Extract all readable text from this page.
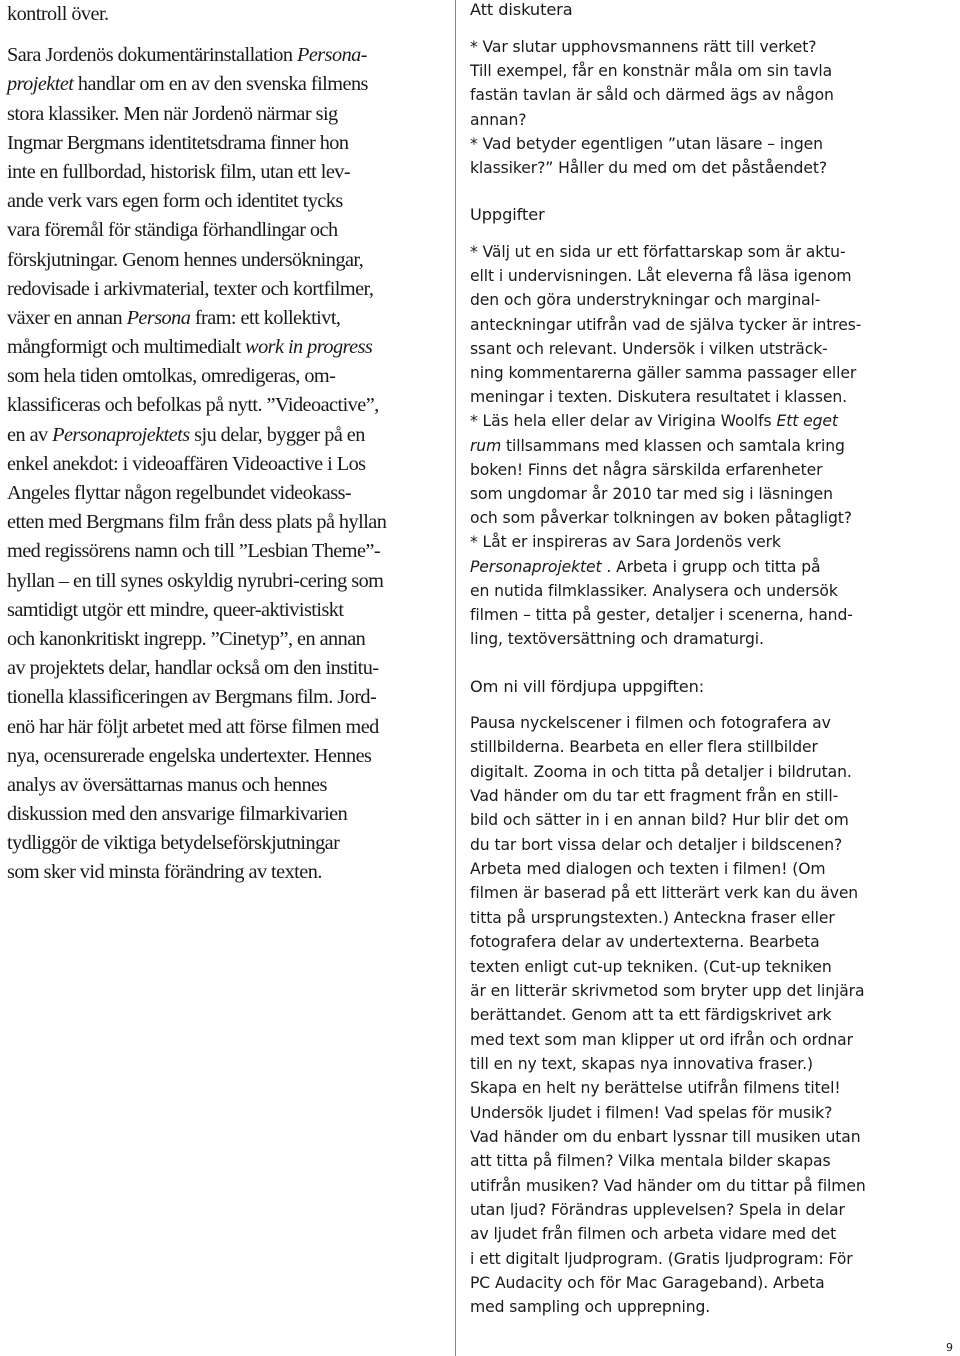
kontroll över.
Sara Jordenös dokumentärinstallation Persona-
projektet handlar om en av den svenska filmens
stora klassiker. Men när Jordenö närmar sig
Ingmar Bergmans identitetsdrama finner hon
inte en fullbordad, historisk film, utan ett lev-
ande verk vars egen form och identitet tycks
vara föremål för ständiga förhandlingar och
förskjutningar. Genom hennes undersökningar,
redovisade i arkivmaterial, texter och kortfilmer,
växer en annan Persona fram: ett kollektivt,
mångformigt och multimedialt work in progress
som hela tiden omtolkas, omredigeras, om-
klassificeras och befolkas på nytt. ”Videoactive”,
en av Personaprojektets sju delar, bygger på en
enkel anekdot: i videoaffären Videoactive i Los
Angeles flyttar någon regelbundet videokass-
etten med Bergmans film från dess plats på hyllan
med regissörens namn och till ”Lesbian Theme”-
hyllan – en till synes oskyldig nyrubri-cering som
samtidigt utgör ett mindre, queer-aktivistiskt
och kanonkritiskt ingrepp. ”Cinetyp”, en annan
av projektets delar, handlar också om den institu-
tionella klassificeringen av Bergmans film. Jord-
enö har här följt arbetet med att förse filmen med
nya, ocensurerade engelska undertexter. Hennes
analys av översättarnas manus och hennes
diskussion med den ansvarige filmarkivarien
tydliggör de viktiga betydelseförskjutningar
som sker vid minsta förändring av texten.
Att diskutera
* Var slutar upphovsmannens rätt till verket?
Till exempel, får en konstnär måla om sin tavla
fastän tavlan är såld och därmed ägs av någon
annan?
* Vad betyder egentligen ”utan läsare – ingen
klassiker?” Håller du med om det påståendet?
Uppgifter
* Välj ut en sida ur ett författarskap som är aktu-
ellt i undervisningen. Låt eleverna få läsa igenom
den och göra understrykningar och marginal-
anteckningar utifrån vad de själva tycker är intres-
ssant och relevant. Undersök i vilken utsträck-
ning kommentarerna gäller samma passager eller
meningar i texten. Diskutera resultatet i klassen.
* Läs hela eller delar av Virigina Woolfs Ett eget
rum tillsammans med klassen och samtala kring
boken! Finns det några särskilda erfarenheter
som ungdomar år 2010 tar med sig i läsningen
och som påverkar tolkningen av boken påtagligt?
* Låt er inspireras av Sara Jordenös verk
Personaprojektet . Arbeta i grupp och titta på
en nutida filmklassiker. Analysera och undersök
filmen – titta på gester, detaljer i scenerna, hand-
ling, textöversättning och dramaturgi.
Om ni vill fördjupa uppgiften:
Pausa nyckelscener i filmen och fotografera av
stillbilderna. Bearbeta en eller flera stillbilder
digitalt. Zooma in och titta på detaljer i bildrutan.
Vad händer om du tar ett fragment från en still-
bild och sätter in i en annan bild? Hur blir det om
du tar bort vissa delar och detaljer i bildscenen?
Arbeta med dialogen och texten i filmen! (Om
filmen är baserad på ett litterärt verk kan du även
titta på ursprungstexten.) Anteckna fraser eller
fotografera delar av undertexterna. Bearbeta
texten enligt cut-up tekniken. (Cut-up tekniken
är en litterär skrivmetod som bryter upp det linjära
berättandet. Genom att ta ett färdigskrivet ark
med text som man klipper ut ord ifrån och ordnar
till en ny text, skapas nya innovativa fraser.)
Skapa en helt ny berättelse utifrån filmens titel!
Undersök ljudet i filmen! Vad spelas för musik?
Vad händer om du enbart lyssnar till musiken utan
att titta på filmen? Vilka mentala bilder skapas
utifrån musiken? Vad händer om du tittar på filmen
utan ljud? Förändras upplevelsen? Spela in delar
av ljudet från filmen och arbeta vidare med det
i ett digitalt ljudprogram. (Gratis ljudprogram: För
PC Audacity och för Mac Garageband). Arbeta
med sampling och upprepning.
9
